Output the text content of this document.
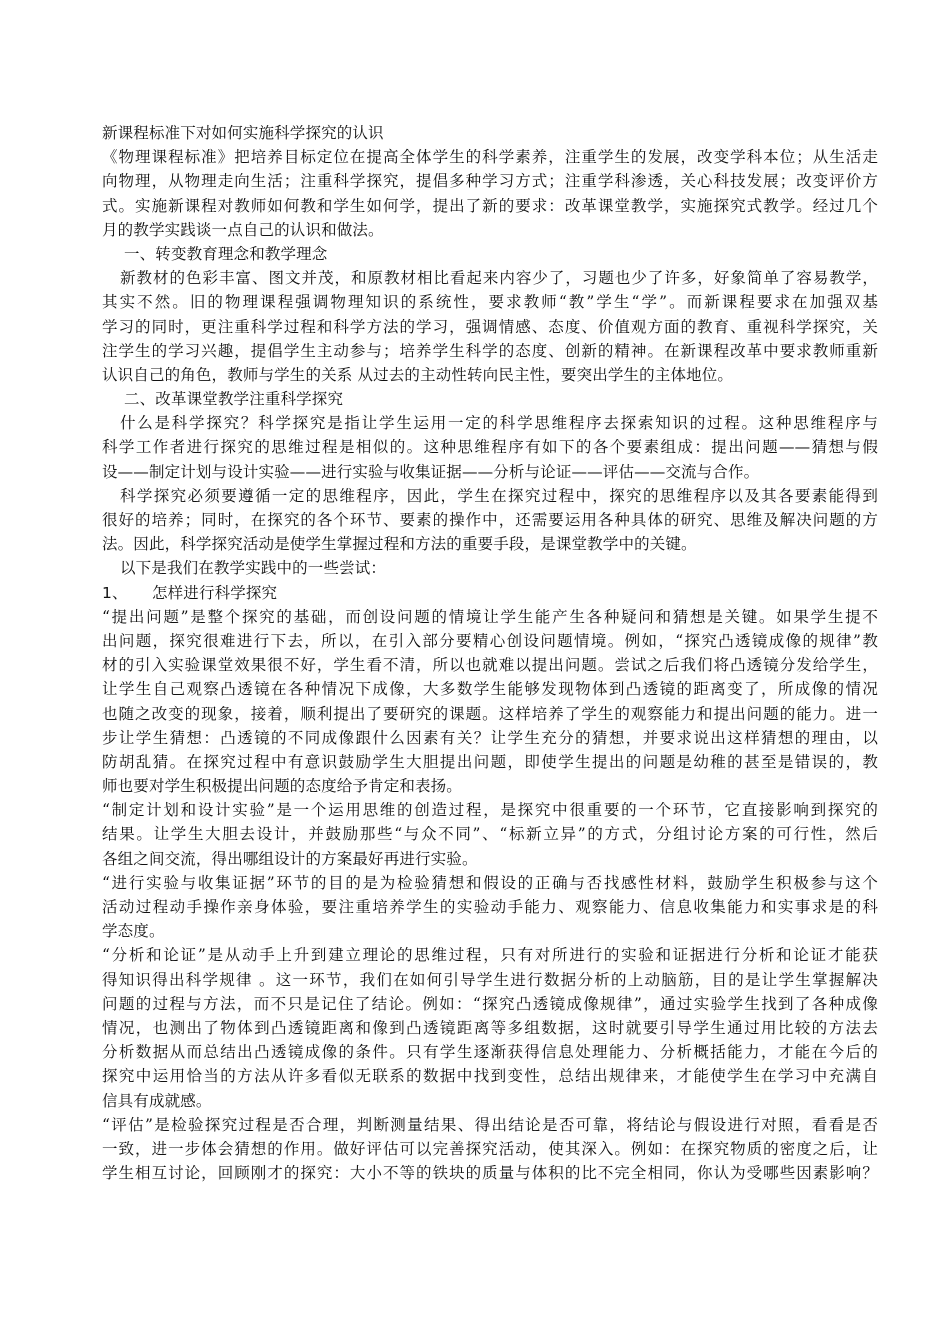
新课程标准下对如何实施科学探究的认识
《物理课程标准》把培养目标定位在提高全体学生的科学素养，注重学生的发展，改变学科本位；从生活走
向物理，从物理走向生活；注重科学探究，提倡多种学习方式；注重学科渗透，关心科技发展；改变评价方
式。实施新课程对教师如何教和学生如何学，提出了新的要求：改革课堂教学，实施探究式教学。经过几个
月的教学实践谈一点自己的认识和做法。
一、转变教育理念和教学理念
新教材的色彩丰富、图文并茂，和原教材相比看起来内容少了，习题也少了许多，好象简单了容易教学，
其实不然。旧的物理课程强调物理知识的系统性，要求教师“教”学生“学”。而新课程要求在加强双基
学习的同时，更注重科学过程和科学方法的学习，强调情感、态度、价值观方面的教育、重视科学探究，关
注学生的学习兴趣，提倡学生主动参与；培养学生科学的态度、创新的精神。在新课程改革中要求教师重新
认识自己的角色，教师与学生的关系 从过去的主动性转向民主性，要突出学生的主体地位。
二、改革课堂教学注重科学探究
什么是科学探究？科学探究是指让学生运用一定的科学思维程序去探索知识的过程。这种思维程序与
科学工作者进行探究的思维过程是相似的。这种思维程序有如下的各个要素组成：提出问题——猜想与假
设——制定计划与设计实验——进行实验与收集证据——分析与论证——评估——交流与合作。
科学探究必须要遵循一定的思维程序，因此，学生在探究过程中，探究的思维程序以及其各要素能得到
很好的培养；同时，在探究的各个环节、要素的操作中，还需要运用各种具体的研究、思维及解决问题的方
法。因此，科学探究活动是使学生掌握过程和方法的重要手段，是课堂教学中的关键。
以下是我们在教学实践中的一些尝试：
1、	怎样进行科学探究
“提出问题”是整个探究的基础，而创设问题的情境让学生能产生各种疑问和猜想是关键。如果学生提不
出问题，探究很难进行下去，所以，在引入部分要精心创设问题情境。例如，“探究凸透镜成像的规律”教
材的引入实验课堂效果很不好，学生看不清，所以也就难以提出问题。尝试之后我们将凸透镜分发给学生，
让学生自己观察凸透镜在各种情况下成像，大多数学生能够发现物体到凸透镜的距离变了，所成像的情况
也随之改变的现象，接着，顺利提出了要研究的课题。这样培养了学生的观察能力和提出问题的能力。进一
步让学生猜想：凸透镜的不同成像跟什么因素有关？让学生充分的猜想，并要求说出这样猜想的理由，以
防胡乱猜。在探究过程中有意识鼓励学生大胆提出问题，即使学生提出的问题是幼稚的甚至是错误的，教
师也要对学生积极提出问题的态度给予肯定和表扬。
“制定计划和设计实验”是一个运用思维的创造过程，是探究中很重要的一个环节，它直接影响到探究的
结果。让学生大胆去设计，并鼓励那些“与众不同”、“标新立异”的方式，分组讨论方案的可行性，然后
各组之间交流，得出哪组设计的方案最好再进行实验。
“进行实验与收集证据”环节的目的是为检验猜想和假设的正确与否找感性材料，鼓励学生积极参与这个
活动过程动手操作亲身体验，要注重培养学生的实验动手能力、观察能力、信息收集能力和实事求是的科
学态度。
“分析和论证”是从动手上升到建立理论的思维过程，只有对所进行的实验和证据进行分析和论证才能获
得知识得出科学规律 。这一环节，我们在如何引导学生进行数据分析的上动脑筋，目的是让学生掌握解决
问题的过程与方法，而不只是记住了结论。例如：“探究凸透镜成像规律”，通过实验学生找到了各种成像
情况，也测出了物体到凸透镜距离和像到凸透镜距离等多组数据，这时就要引导学生通过用比较的方法去
分析数据从而总结出凸透镜成像的条件。只有学生逐渐获得信息处理能力、分析概括能力，才能在今后的
探究中运用恰当的方法从许多看似无联系的数据中找到变性，总结出规律来，才能使学生在学习中充满自
信具有成就感。
“评估”是检验探究过程是否合理，判断测量结果、得出结论是否可靠，将结论与假设进行对照，看看是否
一致，进一步体会猜想的作用。做好评估可以完善探究活动，使其深入。例如：在探究物质的密度之后，让
学生相互讨论，回顾刚才的探究：大小不等的铁块的质量与体积的比不完全相同，你认为受哪些因素影响？
